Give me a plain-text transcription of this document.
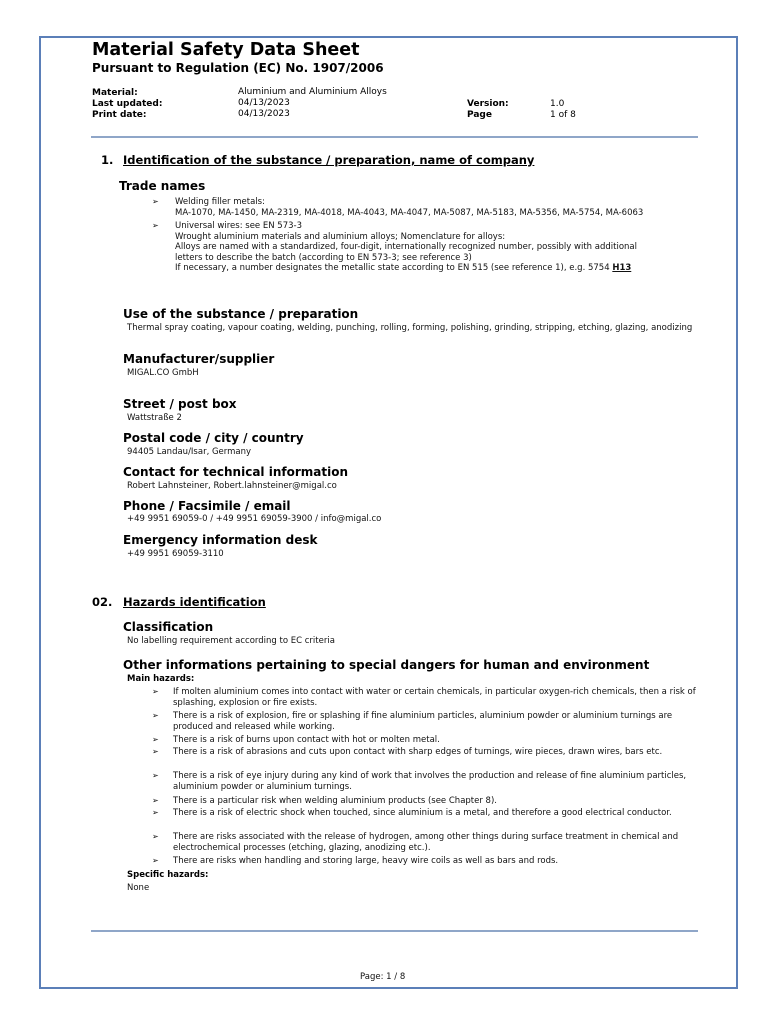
Material Safety Data Sheet
Pursuant to Regulation (EC) No. 1907/2006
Material:	Aluminium and Aluminium Alloys
Last updated:	04/13/2023
Print date:	04/13/2023
Version:	1.0
Page	1 of 8
1. Identification of the substance / preparation, name of company
Trade names
➢ Welding filler metals:
MA-1070, MA-1450, MA-2319, MA-4018, MA-4043, MA-4047, MA-5087, MA-5183, MA-5356, MA-5754, MA-6063
➢ Universal wires: see EN 573-3
Wrought aluminium materials and aluminium alloys; Nomenclature for alloys:
Alloys are named with a standardized, four-digit, internationally recognized number, possibly with additional
letters to describe the batch (according to EN 573-3; see reference 3)
If necessary, a number designates the metallic state according to EN 515 (see reference 1), e.g. 5754 H13
Use of the substance / preparation
Thermal spray coating, vapour coating, welding, punching, rolling, forming, polishing, grinding, stripping, etching, glazing, anodizing
Manufacturer/supplier
MIGAL.CO GmbH
Street / post box
Wattstraße 2
Postal code / city / country
94405 Landau/Isar, Germany
Contact for technical information
Robert Lahnsteiner, Robert.lahnsteiner@migal.co
Phone / Facsimile / email
+49 9951 69059-0 / +49 9951 69059-3900 / info@migal.co
Emergency information desk
+49 9951 69059-3110
02. Hazards identification
Classification
No labelling requirement according to EC criteria
Other informations pertaining to special dangers for human and environment
Main hazards:
➢ If molten aluminium comes into contact with water or certain chemicals, in particular oxygen-rich chemicals, then a risk of splashing, explosion or fire exists.
➢ There is a risk of explosion, fire or splashing if fine aluminium particles, aluminium powder or aluminium turnings are produced and released while working.
➢ There is a risk of burns upon contact with hot or molten metal.
➢ There is a risk of abrasions and cuts upon contact with sharp edges of turnings, wire pieces, drawn wires, bars etc.
➢ There is a risk of eye injury during any kind of work that involves the production and release of fine aluminium particles, aluminium powder or aluminium turnings.
➢ There is a particular risk when welding aluminium products (see Chapter 8).
➢ There is a risk of electric shock when touched, since aluminium is a metal, and therefore a good electrical conductor.
➢ There are risks associated with the release of hydrogen, among other things during surface treatment in chemical and electrochemical processes (etching, glazing, anodizing etc.).
➢ There are risks when handling and storing large, heavy wire coils as well as bars and rods.
Specific hazards:
None
Page: 1 / 8
